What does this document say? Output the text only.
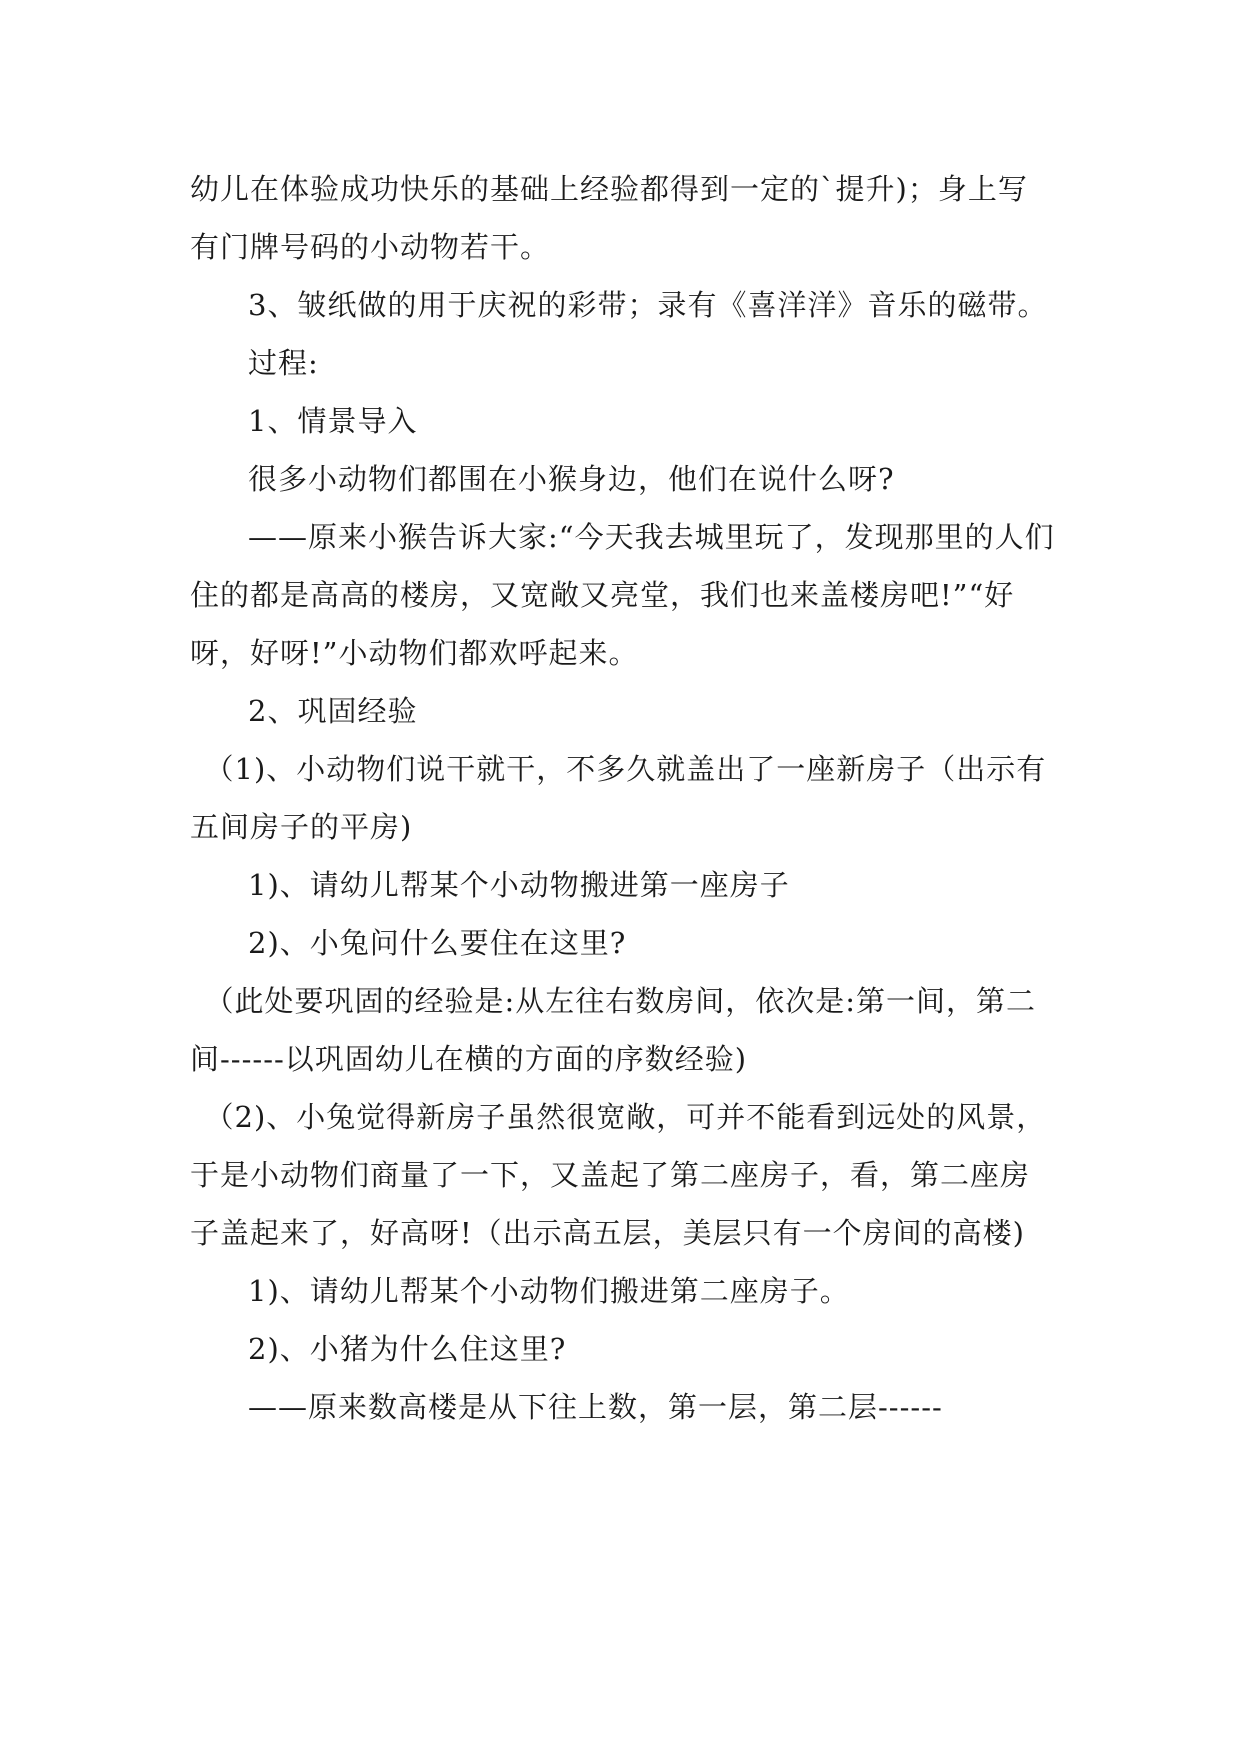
幼儿在体验成功快乐的基础上经验都得到一定的`提升)；身上写有门牌号码的小动物若干。

3、皱纸做的用于庆祝的彩带；录有《喜洋洋》音乐的磁带。

过程:

1、情景导入

很多小动物们都围在小猴身边，他们在说什么呀?

——原来小猴告诉大家:“今天我去城里玩了，发现那里的人们住的都是高高的楼房，又宽敞又亮堂，我们也来盖楼房吧!”“好呀，好呀!”小动物们都欢呼起来。

2、巩固经验

（1)、小动物们说干就干，不多久就盖出了一座新房子（出示有五间房子的平房)

1)、请幼儿帮某个小动物搬进第一座房子

2)、小兔问什么要住在这里?

（此处要巩固的经验是:从左往右数房间，依次是:第一间，第二间------以巩固幼儿在横的方面的序数经验)

（2)、小兔觉得新房子虽然很宽敞，可并不能看到远处的风景，于是小动物们商量了一下，又盖起了第二座房子，看，第二座房子盖起来了，好高呀!（出示高五层，美层只有一个房间的高楼)

1)、请幼儿帮某个小动物们搬进第二座房子。

2)、小猪为什么住这里?

——原来数高楼是从下往上数，第一层，第二层------
